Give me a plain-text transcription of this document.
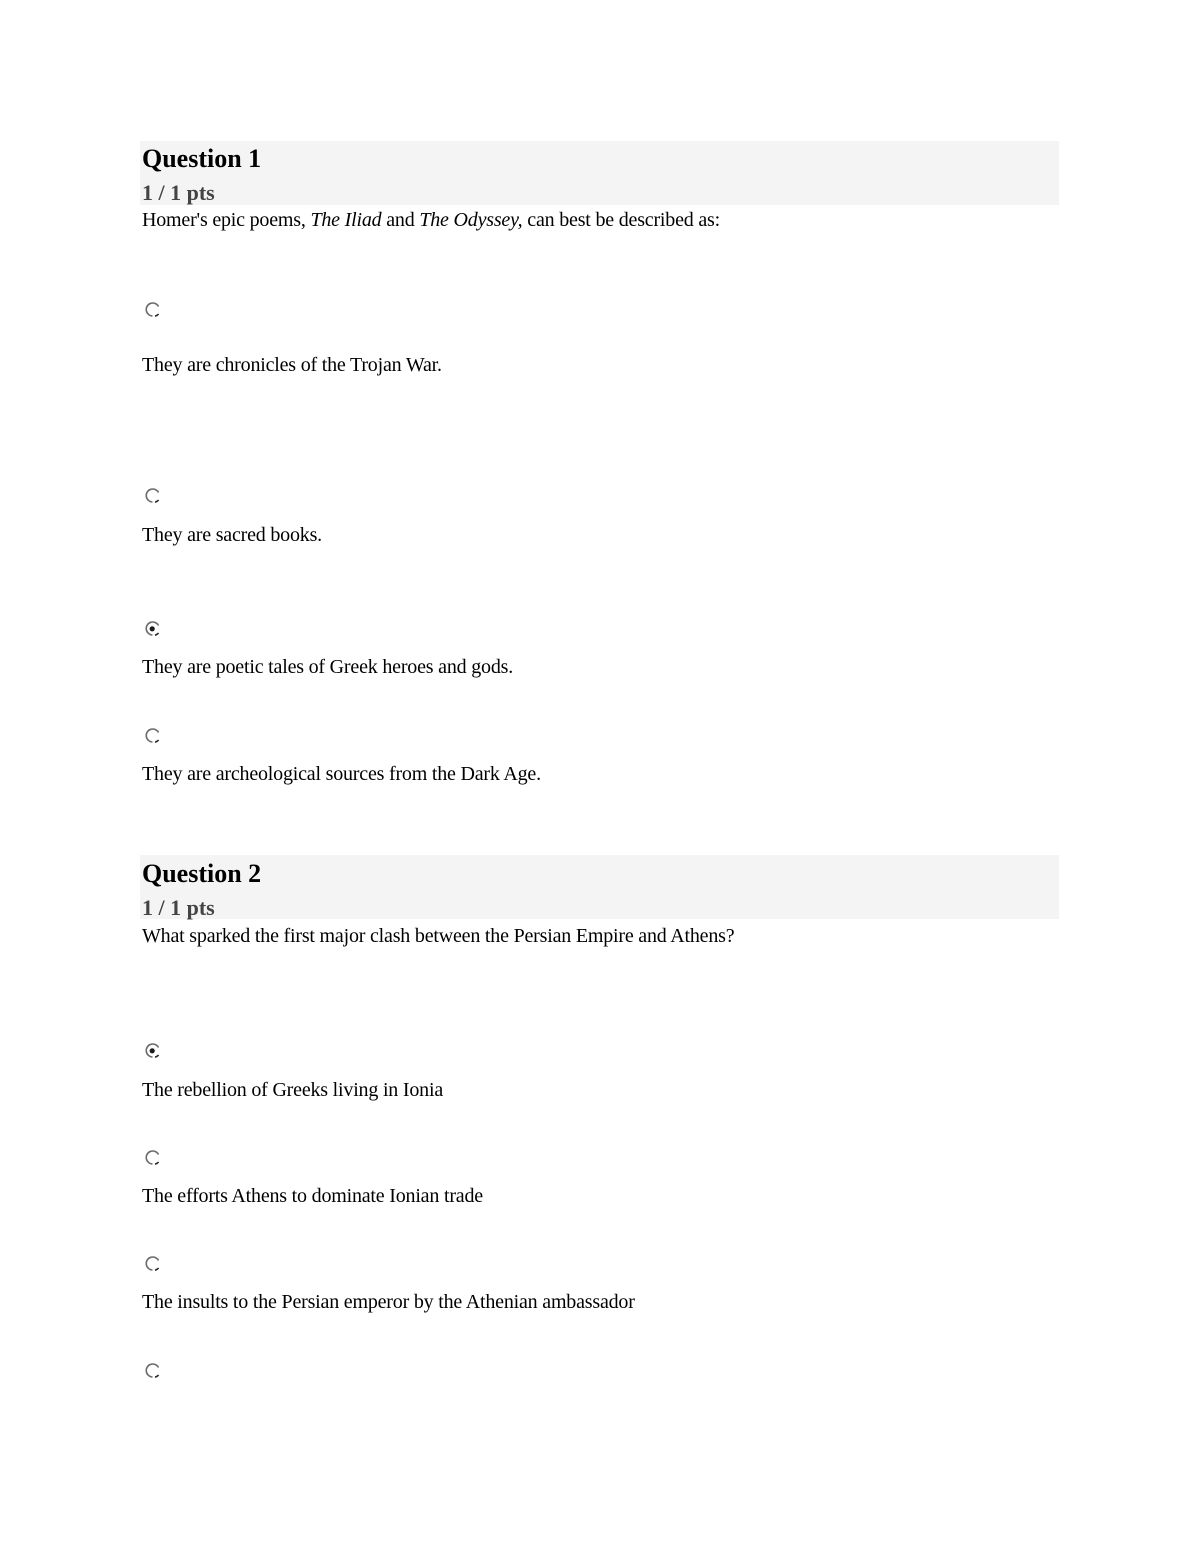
Question 1
1 / 1 pts
Homer's epic poems, The Iliad and The Odyssey, can best be described as:
They are chronicles of the Trojan War.
They are sacred books.
They are poetic tales of Greek heroes and gods.
They are archeological sources from the Dark Age.
Question 2
1 / 1 pts
What sparked the first major clash between the Persian Empire and Athens?
The rebellion of Greeks living in Ionia
The efforts Athens to dominate Ionian trade
The insults to the Persian emperor by the Athenian ambassador
